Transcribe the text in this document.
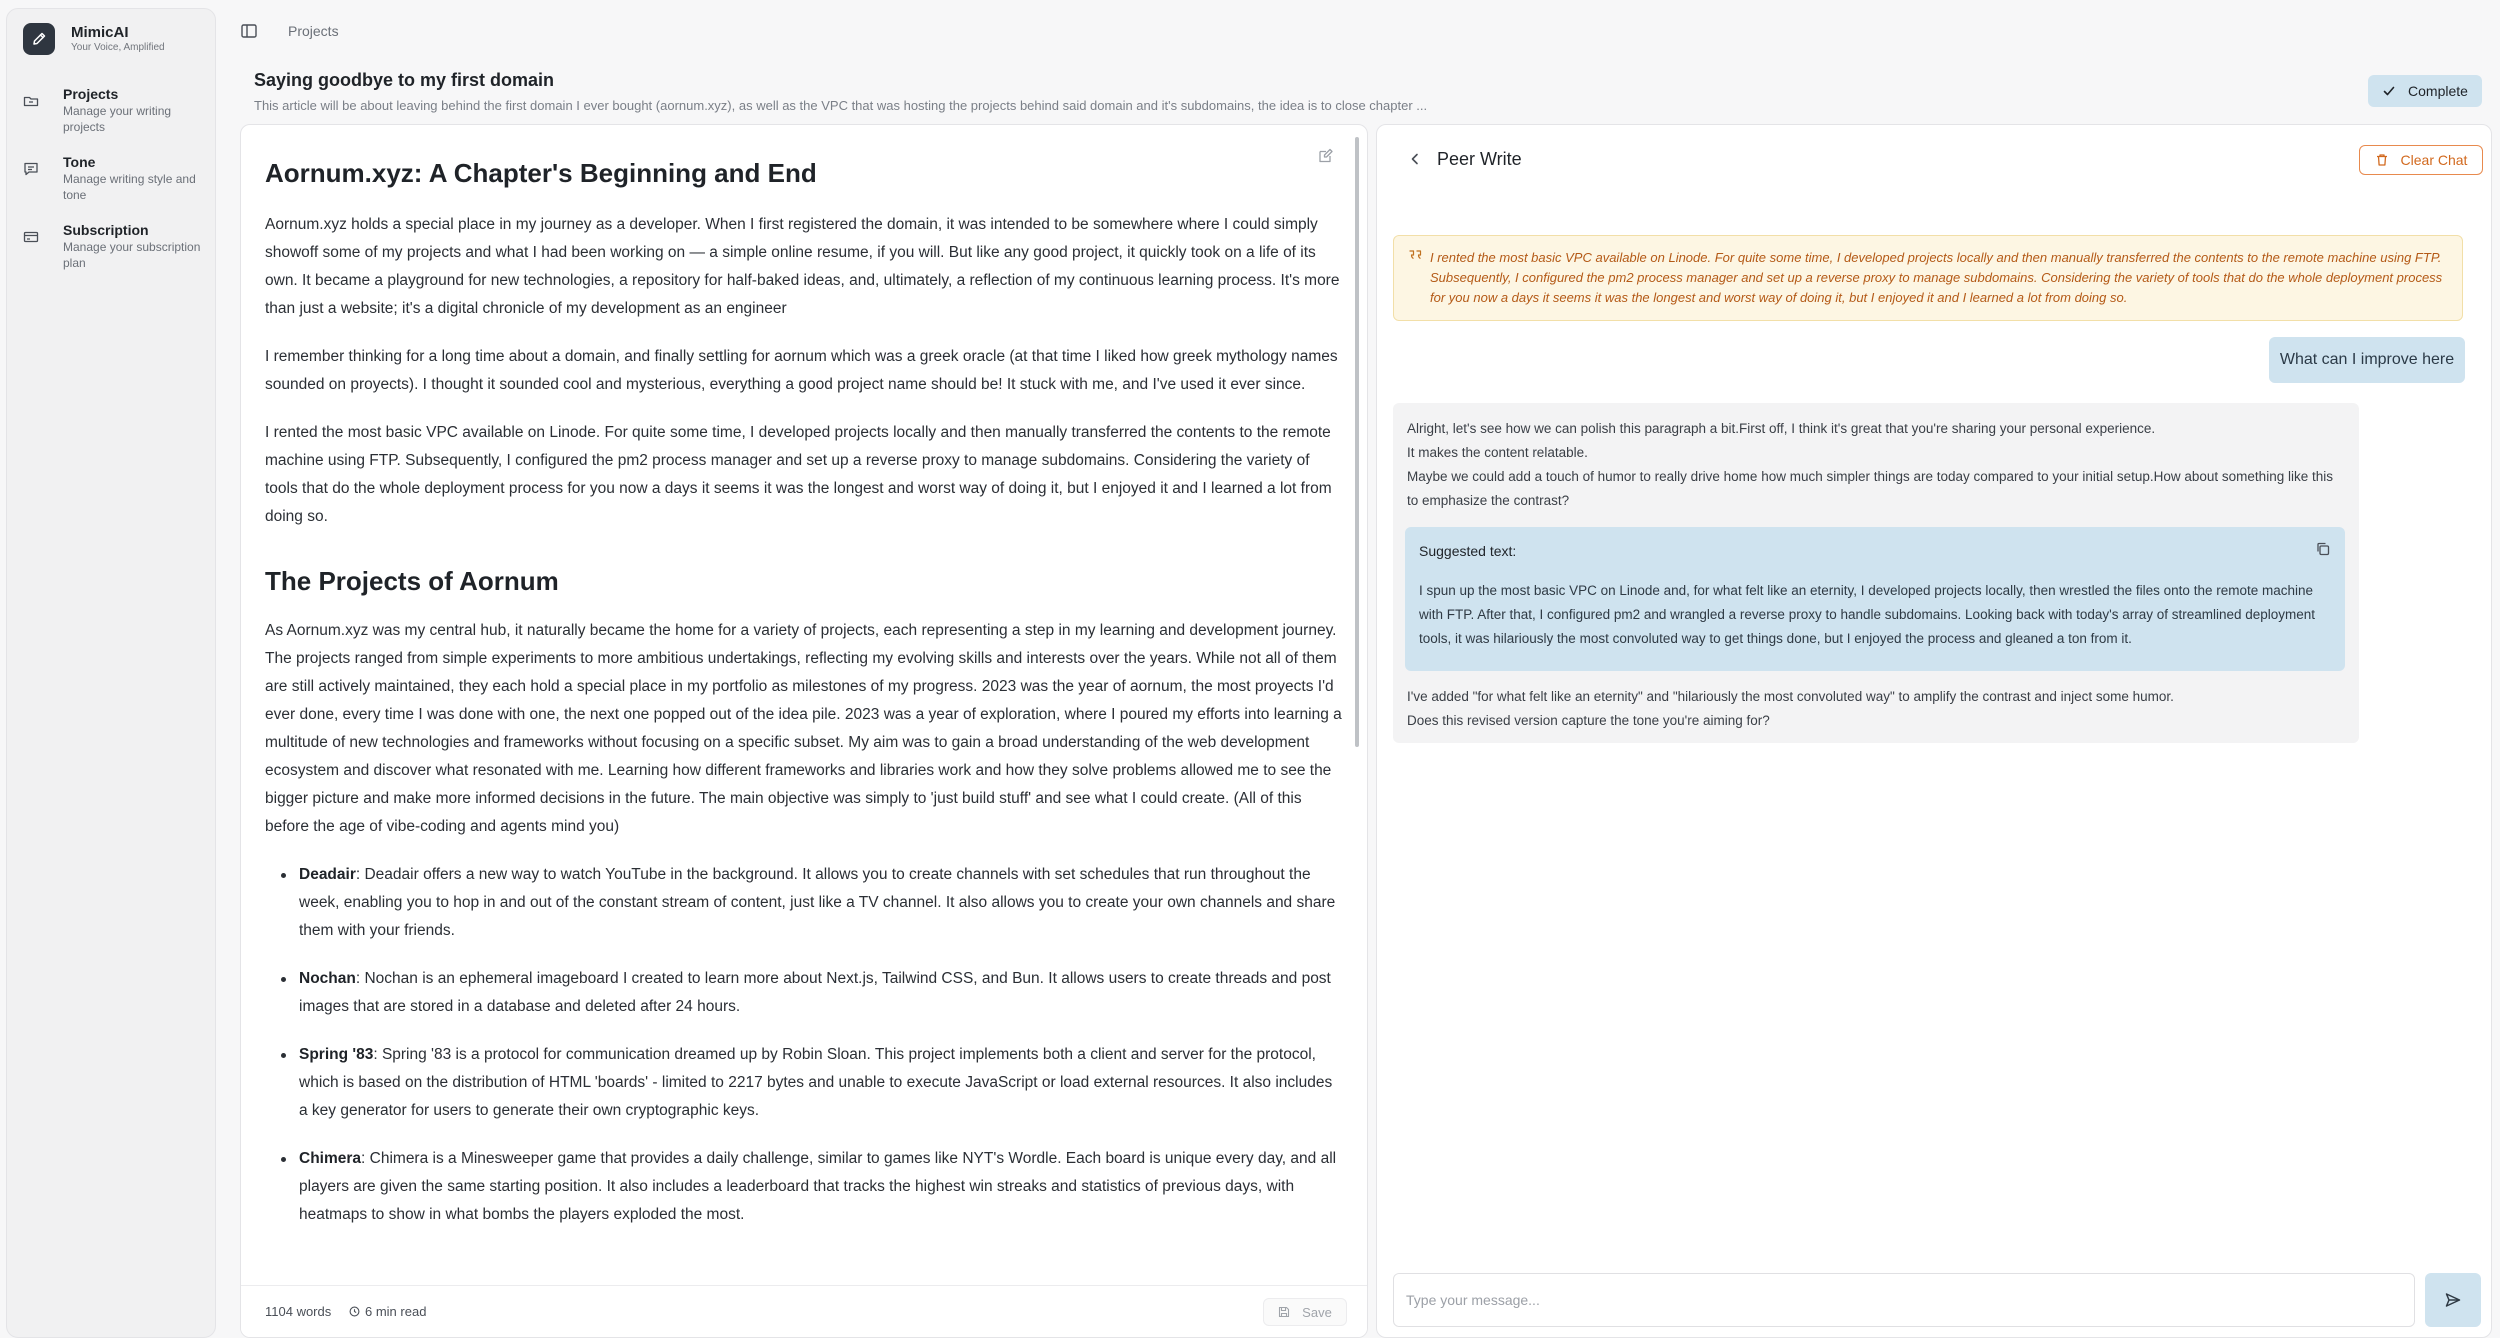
MimicAI
Your Voice, Amplified
Projects
Manage your writing projects
Tone
Manage writing style and tone
Subscription
Manage your subscription plan
Projects
Saying goodbye to my first domain
This article will be about leaving behind the first domain I ever bought (aornum.xyz), as well as the VPC that was hosting the projects behind said domain and it's subdomains, the idea is to close chapter ...
Complete
Aornum.xyz: A Chapter's Beginning and End

Aornum.xyz holds a special place in my journey as a developer. When I first registered the domain, it was intended to be somewhere where I could simply showoff some of my projects and what I had been working on — a simple online resume, if you will. But like any good project, it quickly took on a life of its own. It became a playground for new technologies, a repository for half-baked ideas, and, ultimately, a reflection of my continuous learning process. It's more than just a website; it's a digital chronicle of my development as an engineer

I remember thinking for a long time about a domain, and finally settling for aornum which was a greek oracle (at that time I liked how greek mythology names sounded on proyects). I thought it sounded cool and mysterious, everything a good project name should be! It stuck with me, and I've used it ever since.

I rented the most basic VPC available on Linode. For quite some time, I developed projects locally and then manually transferred the contents to the remote machine using FTP. Subsequently, I configured the pm2 process manager and set up a reverse proxy to manage subdomains. Considering the variety of tools that do the whole deployment process for you now a days it seems it was the longest and worst way of doing it, but I enjoyed it and I learned a lot from doing so.

The Projects of Aornum

As Aornum.xyz was my central hub, it naturally became the home for a variety of projects, each representing a step in my learning and development journey. The projects ranged from simple experiments to more ambitious undertakings, reflecting my evolving skills and interests over the years. While not all of them are still actively maintained, they each hold a special place in my portfolio as milestones of my progress. 2023 was the year of aornum, the most proyects I'd ever done, every time I was done with one, the next one popped out of the idea pile. 2023 was a year of exploration, where I poured my efforts into learning a multitude of new technologies and frameworks without focusing on a specific subset. My aim was to gain a broad understanding of the web development ecosystem and discover what resonated with me. Learning how different frameworks and libraries work and how they solve problems allowed me to see the bigger picture and make more informed decisions in the future. The main objective was simply to 'just build stuff' and see what I could create. (All of this before the age of vibe-coding and agents mind you)

Deadair: Deadair offers a new way to watch YouTube in the background. It allows you to create channels with set schedules that run throughout the week, enabling you to hop in and out of the constant stream of content, just like a TV channel. It also allows you to create your own channels and share them with your friends.
Nochan: Nochan is an ephemeral imageboard I created to learn more about Next.js, Tailwind CSS, and Bun. It allows users to create threads and post images that are stored in a database and deleted after 24 hours.
Spring '83: Spring '83 is a protocol for communication dreamed up by Robin Sloan. This project implements both a client and server for the protocol, which is based on the distribution of HTML 'boards' - limited to 2217 bytes and unable to execute JavaScript or load external resources. It also includes a key generator for users to generate their own cryptographic keys.
Chimera: Chimera is a Minesweeper game that provides a daily challenge, similar to games like NYT's Wordle. Each board is unique every day, and all players are given the same starting position. It also includes a leaderboard that tracks the highest win streaks and statistics of previous days, with heatmaps to show in what bombs the players exploded the most.
1104 words	6 min read	Save
Peer Write	Clear Chat
I rented the most basic VPC available on Linode. For quite some time, I developed projects locally and then manually transferred the contents to the remote machine using FTP. Subsequently, I configured the pm2 process manager and set up a reverse proxy to manage subdomains. Considering the variety of tools that do the whole deployment process for you now a days it seems it was the longest and worst way of doing it, but I enjoyed it and I learned a lot from doing so.
What can I improve here
Alright, let's see how we can polish this paragraph a bit.First off, I think it's great that you're sharing your personal experience.
It makes the content relatable.
Maybe we could add a touch of humor to really drive home how much simpler things are today compared to your initial setup.How about something like this to emphasize the contrast?
Suggested text:
I spun up the most basic VPC on Linode and, for what felt like an eternity, I developed projects locally, then wrestled the files onto the remote machine with FTP. After that, I configured pm2 and wrangled a reverse proxy to handle subdomains. Looking back with today's array of streamlined deployment tools, it was hilariously the most convoluted way to get things done, but I enjoyed the process and gleaned a ton from it.
I've added "for what felt like an eternity" and "hilariously the most convoluted way" to amplify the contrast and inject some humor.
Does this revised version capture the tone you're aiming for?
Type your message...
